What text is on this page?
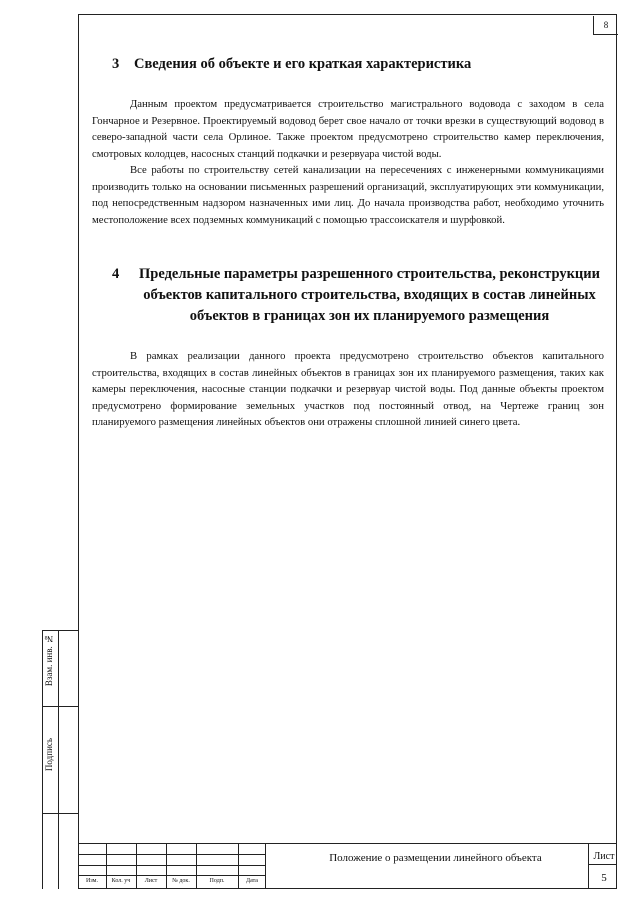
8
3 Сведения об объекте и его краткая характеристика

Данным проектом предусматривается строительство магистрального водовода с заходом в села Гончарное и Резервное. Проектируемый водовод берет свое начало от точки врезки в существующий водовод в северо-западной части села Орлиное. Также проектом предусмотрено строительство камер переключения, смотровых колодцев, насосных станций подкачки и резервуара чистой воды.

Все работы по строительству сетей канализации на пересечениях с инженерными коммуникациями производить только на основании письменных разрешений организаций, эксплуатирующих эти коммуникации, под непосредственным надзором назначенных ими лиц. До начала производства работ, необходимо уточнить местоположение всех подземных коммуникаций с помощью трассоискателя и шурфовкой.

4	Предельные параметры разрешенного строительства, реконструкции объектов капитального строительства, входящих в состав линейных объектов в границах зон их планируемого размещения

В рамках реализации данного проекта предусмотрено строительство объектов капитального строительства, входящих в состав линейных объектов в границах зон их планируемого размещения, таких как камеры переключения, насосные станции подкачки и резервуар чистой воды. Под данные объекты проектом предусмотрено формирование земельных участков под постоянный отвод, на Чертеже границ зон планируемого размещения линейных объектов они отражены сплошной линией синего цвета.

Взам. инв. №
Подпись
Изм.	Кол. уч	Лист	№ док.	Подп.	Дата
Положение о размещении линейного объекта	Лист
5
